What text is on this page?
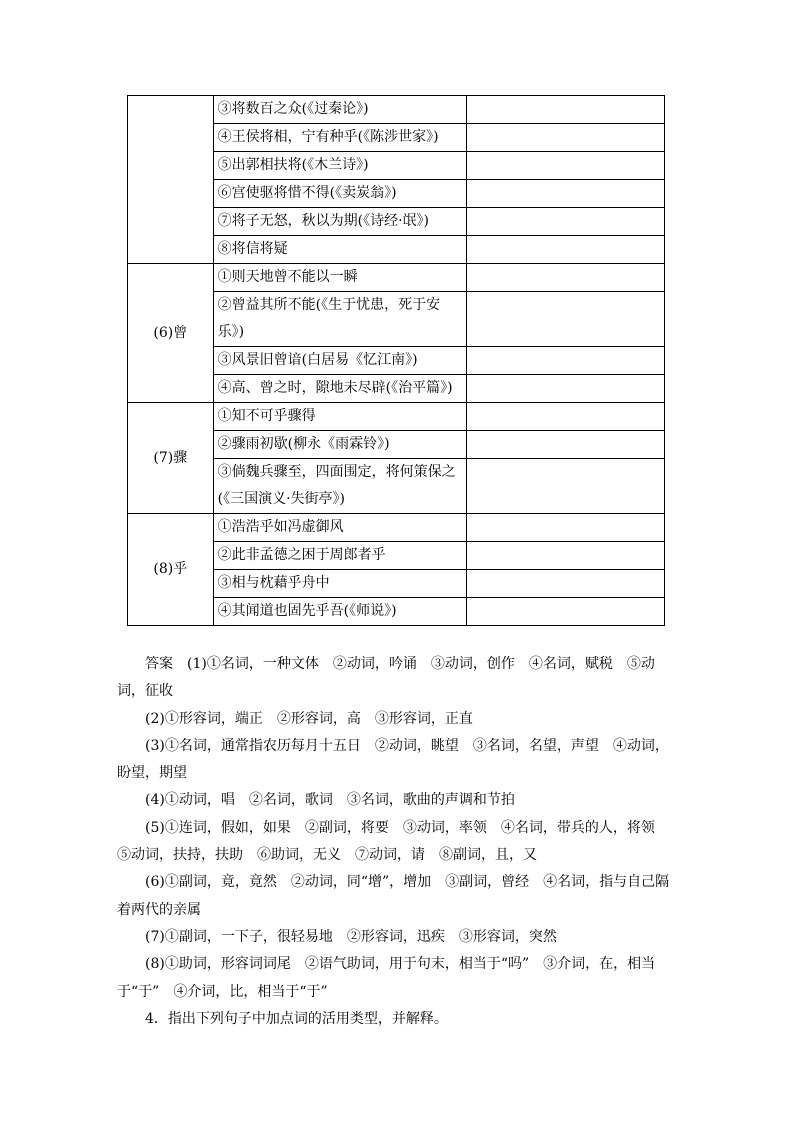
	③将数百之众(《过秦论》)	
	④王侯将相，宁有种乎(《陈涉世家》)	
	⑤出郭相扶将(《木兰诗》)	
	⑥宫使驱将惜不得(《卖炭翁》)	
	⑦将子无怒，秋以为期(《诗经·氓》)	
	⑧将信将疑	
(6)曾	①则天地曾不能以一瞬	
	②曾益其所不能(《生于忧患，死于安乐》)	
	③风景旧曾谙(白居易《忆江南》)	
	④高、曾之时，隙地未尽辟(《治平篇》)	
(7)骤	①知不可乎骤得	
	②骤雨初歇(柳永《雨霖铃》)	
	③倘魏兵骤至，四面围定，将何策保之(《三国演义·失街亭》)	
(8)乎	①浩浩乎如冯虚御风	
	②此非孟德之困于周郎者乎	
	③相与枕藉乎舟中	
	④其闻道也固先乎吾(《师说》)	

答案 (1)①名词，一种文体　②动词，吟诵　③动词，创作　④名词，赋税　⑤动词，征收

(2)①形容词，端正　②形容词，高　③形容词，正直

(3)①名词，通常指农历每月十五日　②动词，眺望　③名词，名望，声望　④动词，盼望，期望

(4)①动词，唱　②名词，歌词　③名词，歌曲的声调和节拍

(5)①连词，假如，如果　②副词，将要　③动词，率领　④名词，带兵的人，将领　⑤动词，扶持，扶助　⑥助词，无义　⑦动词，请　⑧副词，且，又

(6)①副词，竟，竟然　②动词，同“增”，增加　③副词，曾经　④名词，指与自己隔着两代的亲属

(7)①副词，一下子，很轻易地　②形容词，迅疾　③形容词，突然

(8)①助词，形容词词尾　②语气助词，用于句末，相当于“吗”　③介词，在，相当于“于”　④介词，比，相当于“于”

4．指出下列句子中加点词的活用类型，并解释。
